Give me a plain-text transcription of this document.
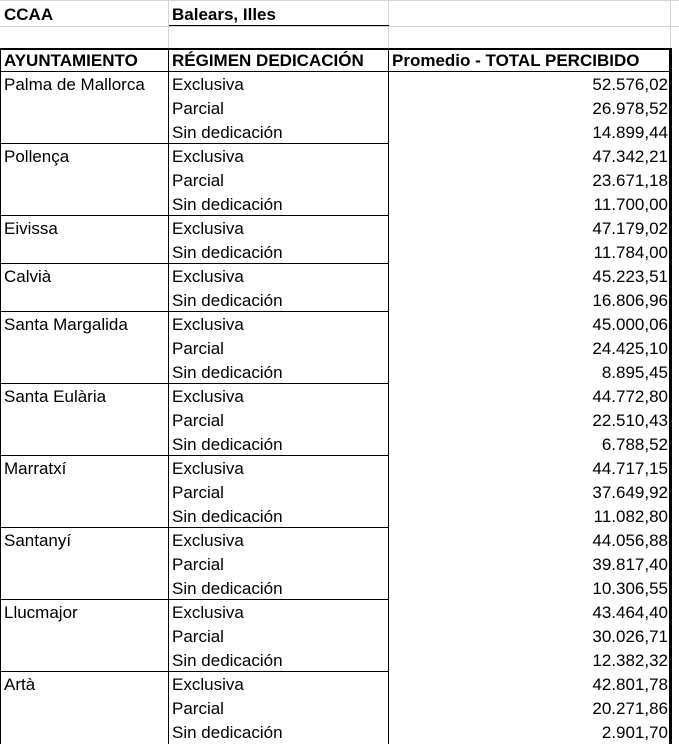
CCAA	Balears, Illes
AYUNTAMIENTO	RÉGIMEN DEDICACIÓN	Promedio - TOTAL PERCIBIDO
Palma de Mallorca	Exclusiva	52.576,02
Parcial	26.978,52
Sin dedicación	14.899,44
Pollença	Exclusiva	47.342,21
Parcial	23.671,18
Sin dedicación	11.700,00
Eivissa	Exclusiva	47.179,02
Sin dedicación	11.784,00
Calvià	Exclusiva	45.223,51
Sin dedicación	16.806,96
Santa Margalida	Exclusiva	45.000,06
Parcial	24.425,10
Sin dedicación	8.895,45
Santa Eulària	Exclusiva	44.772,80
Parcial	22.510,43
Sin dedicación	6.788,52
Marratxí	Exclusiva	44.717,15
Parcial	37.649,92
Sin dedicación	11.082,80
Santanyí	Exclusiva	44.056,88
Parcial	39.817,40
Sin dedicación	10.306,55
Llucmajor	Exclusiva	43.464,40
Parcial	30.026,71
Sin dedicación	12.382,32
Artà	Exclusiva	42.801,78
Parcial	20.271,86
Sin dedicación	2.901,70
